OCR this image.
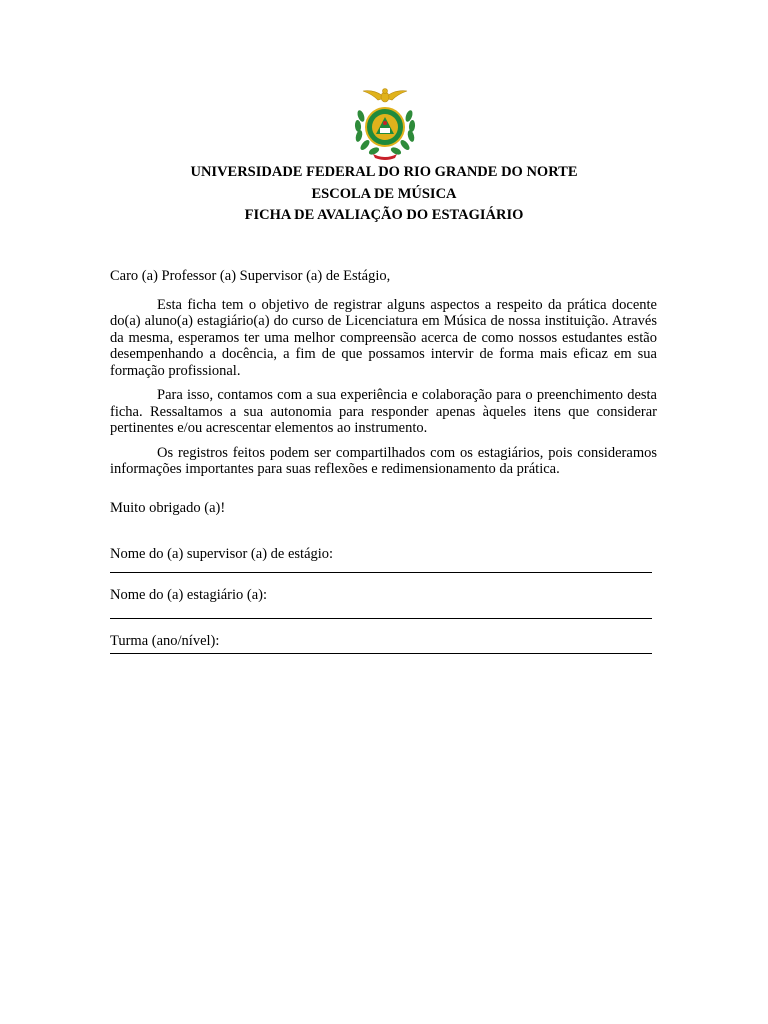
UNIVERSIDADE FEDERAL DO RIO GRANDE DO NORTE
ESCOLA DE MÚSICA
FICHA DE AVALIAÇÃO DO ESTAGIÁRIO

Caro (a) Professor (a) Supervisor (a) de Estágio,

Esta ficha tem o objetivo de registrar alguns aspectos a respeito da prática docente do(a) aluno(a) estagiário(a) do curso de Licenciatura em Música de nossa instituição. Através da mesma, esperamos ter uma melhor compreensão acerca de como nossos estudantes estão desempenhando a docência, a fim de que possamos intervir de forma mais eficaz em sua formação profissional.

Para isso, contamos com a sua experiência e colaboração para o preenchimento desta ficha. Ressaltamos a sua autonomia para responder apenas àqueles itens que considerar pertinentes e/ou acrescentar elementos ao instrumento.

Os registros feitos podem ser compartilhados com os estagiários, pois consideramos informações importantes para suas reflexões e redimensionamento da prática.

Muito obrigado (a)!

Nome do (a) supervisor (a) de estágio:
Nome do (a) estagiário (a):
Turma (ano/nível):
